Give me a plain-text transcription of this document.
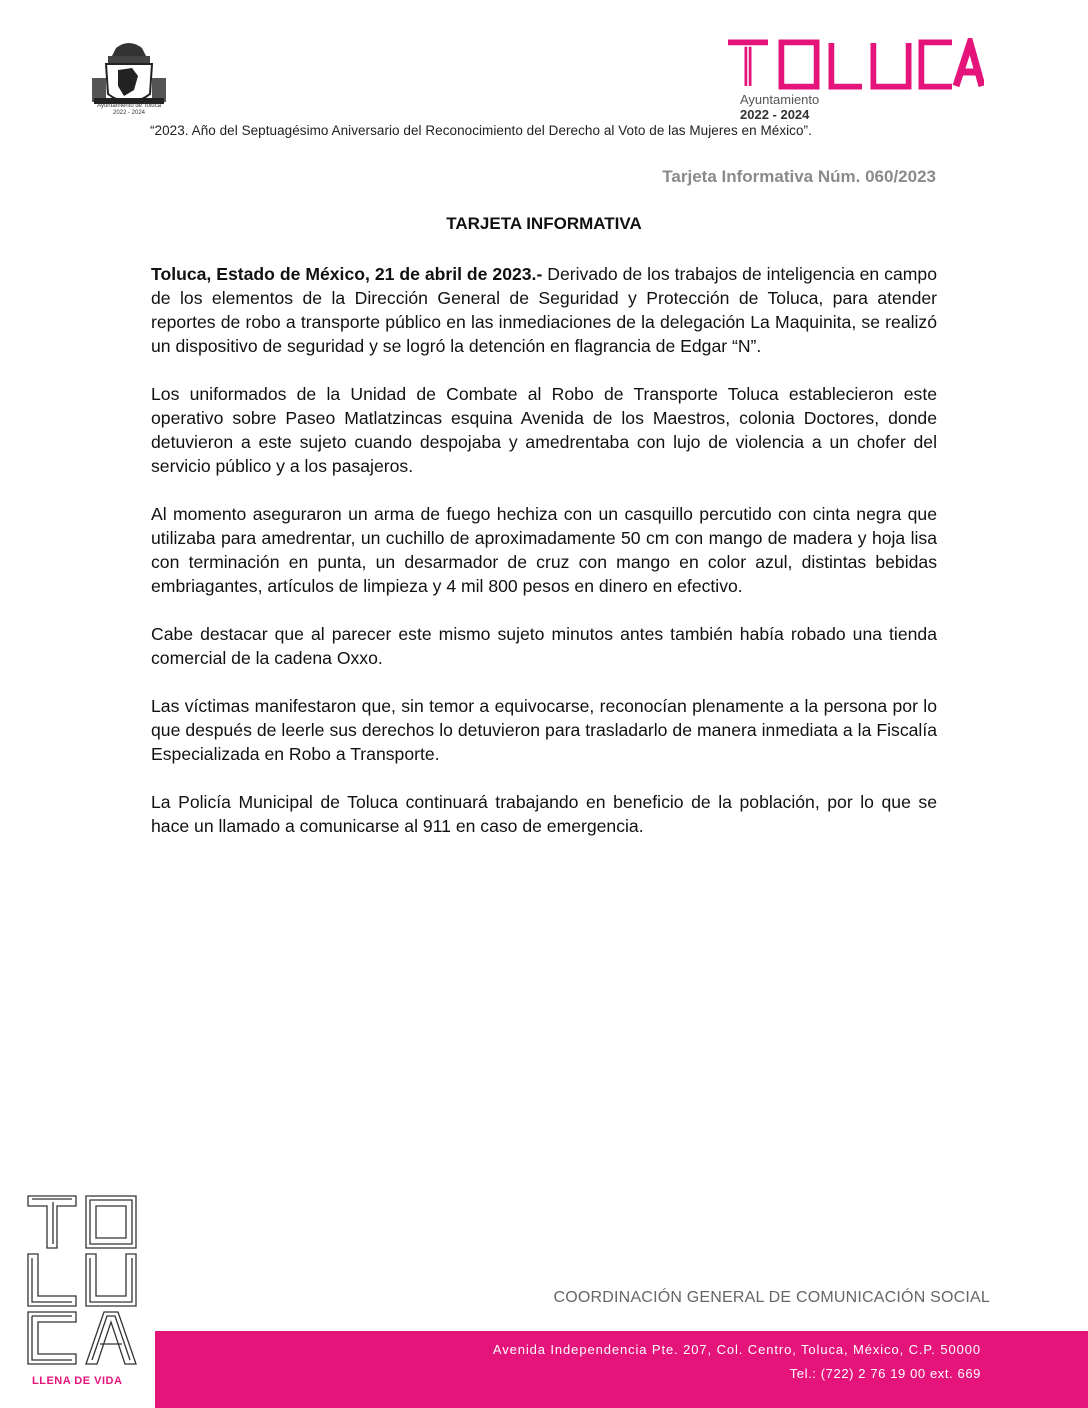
Ayuntamiento de Toluca
2022 - 2024
Ayuntamiento
2022 - 2024
“2023. Año del Septuagésimo Aniversario del Reconocimiento del Derecho al Voto de las Mujeres en México”.
Tarjeta Informativa Núm. 060/2023
TARJETA INFORMATIVA

Toluca, Estado de México, 21 de abril de 2023.- Derivado de los trabajos de inteligencia en campo de los elementos de la Dirección General de Seguridad y Protección de Toluca, para atender reportes de robo a transporte público en las inmediaciones de la delegación La Maquinita, se realizó un dispositivo de seguridad y se logró la detención en flagrancia de Edgar “N”.

Los uniformados de la Unidad de Combate al Robo de Transporte Toluca establecieron este operativo sobre Paseo Matlatzincas esquina Avenida de los Maestros, colonia Doctores, donde detuvieron a este sujeto cuando despojaba y amedrentaba con lujo de violencia a un chofer del servicio público y a los pasajeros.

Al momento aseguraron un arma de fuego hechiza con un casquillo percutido con cinta negra que utilizaba para amedrentar, un cuchillo de aproximadamente 50 cm con mango de madera y hoja lisa con terminación en punta, un desarmador de cruz con mango en color azul, distintas bebidas embriagantes, artículos de limpieza y 4 mil 800 pesos en dinero en efectivo.

Cabe destacar que al parecer este mismo sujeto minutos antes también había robado una tienda comercial de la cadena Oxxo.

Las víctimas manifestaron que, sin temor a equivocarse, reconocían plenamente a la persona por lo que después de leerle sus derechos lo detuvieron para trasladarlo de manera inmediata a la Fiscalía Especializada en Robo a Transporte.

La Policía Municipal de Toluca continuará trabajando en beneficio de la población, por lo que se hace un llamado a comunicarse al 911 en caso de emergencia.

LLENA DE VIDA
COORDINACIÓN GENERAL DE COMUNICACIÓN SOCIAL
Avenida Independencia Pte. 207, Col. Centro, Toluca, México, C.P. 50000
Tel.: (722) 2 76 19 00 ext. 669
